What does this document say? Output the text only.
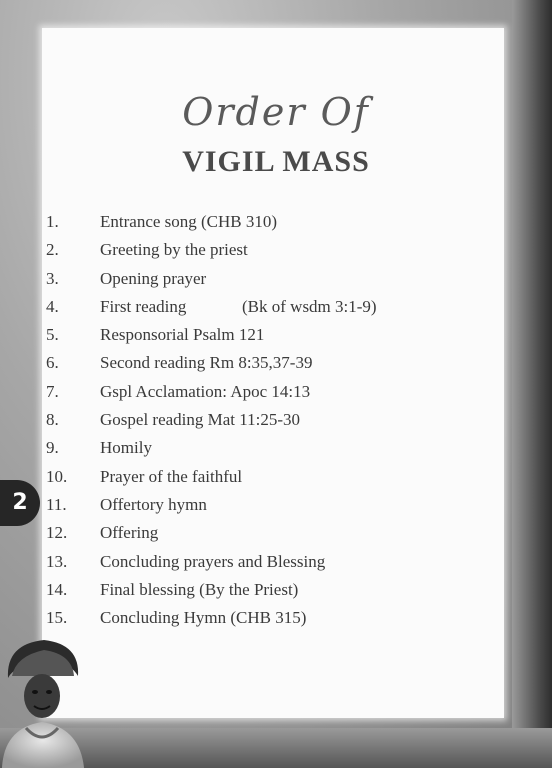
Order Of
VIGIL MASS
1.	Entrance song (CHB 310)
2.	Greeting by the priest
3.	Opening prayer
4.	First reading	(Bk of wsdm 3:1-9)
5.	Responsorial Psalm 121
6.	Second reading Rm 8:35,37-39
7.	Gspl Acclamation: Apoc 14:13
8.	Gospel reading Mat 11:25-30
9.	Homily
10.	Prayer of the faithful
11.	Offertory hymn
12.	Offering
13.	Concluding prayers and Blessing
14.	Final blessing (By the Priest)
15.	Concluding Hymn (CHB 315)
2
